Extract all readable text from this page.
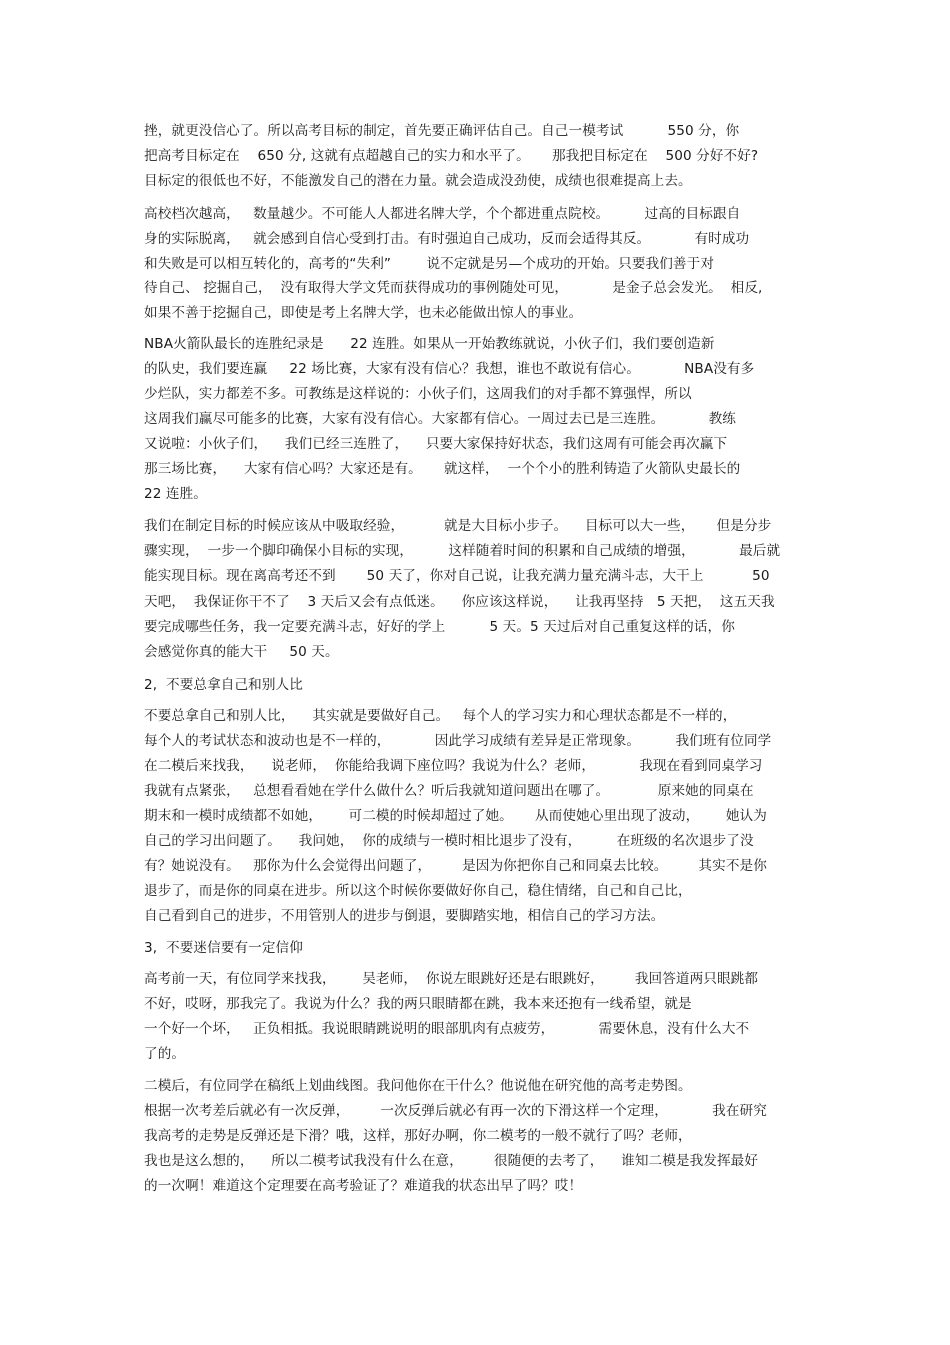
挫，就更没信心了。所以高考目标的制定，首先要正确评估自己。自己一模考试          550 分，你
把高考目标定在    650 分, 这就有点超越自己的实力和水平了。     那我把目标定在    500 分好不好?
目标定的很低也不好，不能激发自己的潜在力量。就会造成没劲使，成绩也很难提高上去。
高校档次越高，   数量越少。不可能人人都进名牌大学，个个都进重点院校。        过高的目标跟自
身的实际脱离，   就会感到自信心受到打击。有时强迫自己成功，反而会适得其反。          有时成功
和失败是可以相互转化的，高考的“失利”        说不定就是另—个成功的开始。只要我们善于对
待自己、 挖掘自己，  没有取得大学文凭而获得成功的事例随处可见，          是金子总会发光。  相反,
如果不善于挖掘自己，即使是考上名牌大学，也未必能做出惊人的事业。
NBA火箭队最长的连胜纪录是      22 连胜。如果从一开始教练就说，小伙子们，我们要创造新
的队史，我们要连赢     22 场比赛，大家有没有信心？我想，谁也不敢说有信心。          NBA没有多
少烂队，实力都差不多。可教练是这样说的：小伙子们，这周我们的对手都不算强悍，所以
这周我们赢尽可能多的比赛，大家有没有信心。大家都有信心。一周过去已是三连胜。          教练
又说啦：小伙子们，    我们已经三连胜了，    只要大家保持好状态，我们这周有可能会再次赢下
那三场比赛，    大家有信心吗？大家还是有。     就这样，  一个个小的胜利铸造了火箭队史最长的
22 连胜。
我们在制定目标的时候应该从中吸取经验，         就是大目标小步子。    目标可以大一些，     但是分步
骤实现，  一步一个脚印确保小目标的实现，        这样随着时间的积累和自己成绩的增强，          最后就
能实现目标。现在离高考还不到       50 天了，你对自己说，让我充满力量充满斗志，大干上           50
天吧，  我保证你干不了    3 天后又会有点低迷。    你应该这样说，    让我再坚持   5 天把，  这五天我
要完成哪些任务，我一定要充满斗志，好好的学上          5 天。5 天过后对自己重复这样的话，你
会感觉你真的能大干     50 天。
2,  不要总拿自己和别人比
不要总拿自己和别人比，    其实就是要做好自己。   每个人的学习实力和心理状态都是不一样的，
每个人的考试状态和波动也是不一样的，          因此学习成绩有差异是正常现象。        我们班有位同学
在二模后来找我，    说老师，  你能给我调下座位吗？我说为什么？老师，          我现在看到同桌学习
我就有点紧张，   总想看看她在学什么做什么？听后我就知道问题出在哪了。           原来她的同桌在
期末和一模时成绩都不如她，      可二模的时候却超过了她。     从而使她心里出现了波动，      她认为
自己的学习出问题了。    我问她，  你的成绩与一模时相比退步了没有，        在班级的名次退步了没
有？她说没有。   那你为什么会觉得出问题了，       是因为你把你自己和同桌去比较。       其实不是你
退步了，而是你的同桌在进步。所以这个时候你要做好你自己，稳住情绪，自己和自己比，
自己看到自己的进步，不用管别人的进步与倒退，要脚踏实地，相信自己的学习方法。
3,  不要迷信要有一定信仰
高考前一天，有位同学来找我，      吴老师，  你说左眼跳好还是右眼跳好，       我回答道两只眼跳都
不好，哎呀，那我完了。我说为什么？我的两只眼睛都在跳，我本来还抱有一线希望，就是
一个好一个坏，   正负相抵。我说眼睛跳说明的眼部肌肉有点疲劳，          需要休息，没有什么大不
了的。
二模后，有位同学在稿纸上划曲线图。我问他你在干什么？他说他在研究他的高考走势图。
根据一次考差后就必有一次反弹，       一次反弹后就必有再一次的下滑这样一个定理，          我在研究
我高考的走势是反弹还是下滑？哦，这样，那好办啊，你二模考的一般不就行了吗？老师，
我也是这么想的，    所以二模考试我没有什么在意，       很随便的去考了，    谁知二模是我发挥最好
的一次啊！难道这个定理要在高考验证了？难道我的状态出早了吗？哎！
